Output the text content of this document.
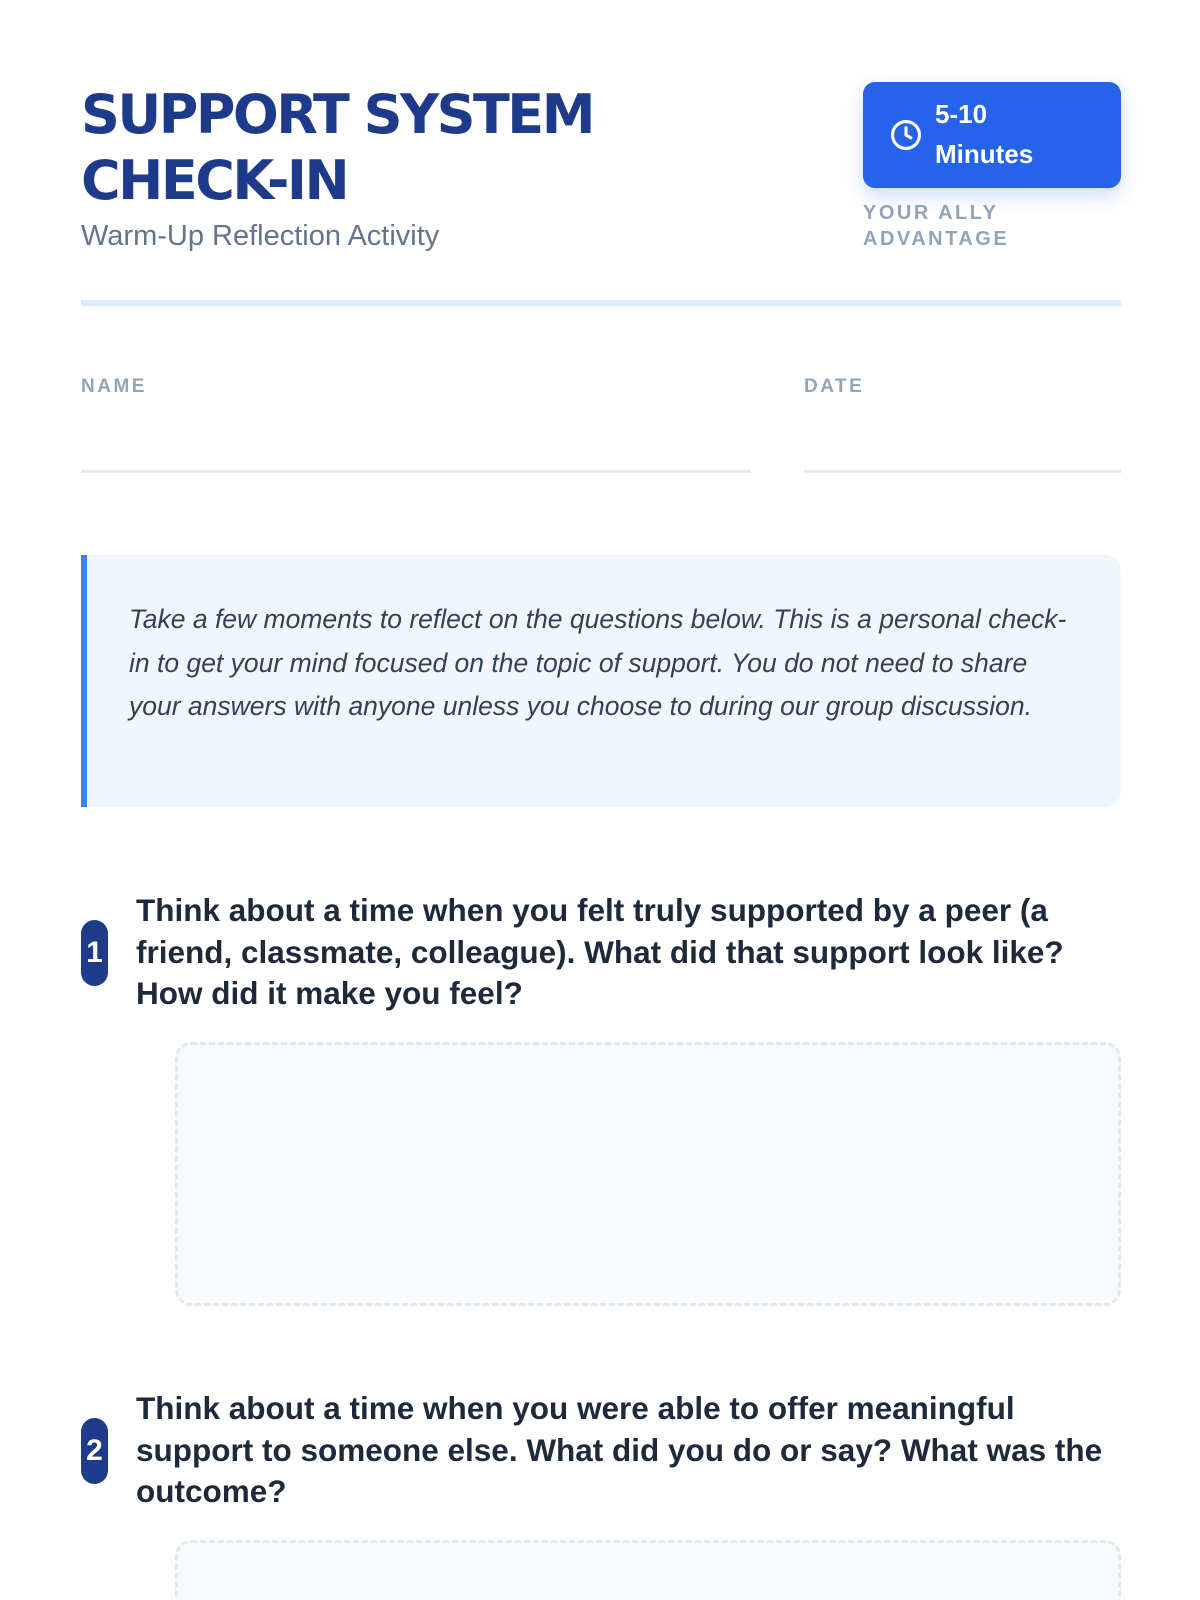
SUPPORT SYSTEM CHECK-IN
Warm-Up Reflection Activity
5-10 Minutes
YOUR ALLY ADVANTAGE
NAME	DATE

Take a few moments to reflect on the questions below. This is a personal check-in to get your mind focused on the topic of support. You do not need to share your answers with anyone unless you choose to during our group discussion.

1

Think about a time when you felt truly supported by a peer (a friend, classmate, colleague). What did that support look like? How did it make you feel?

2

Think about a time when you were able to offer meaningful support to someone else. What did you do or say? What was the outcome?
